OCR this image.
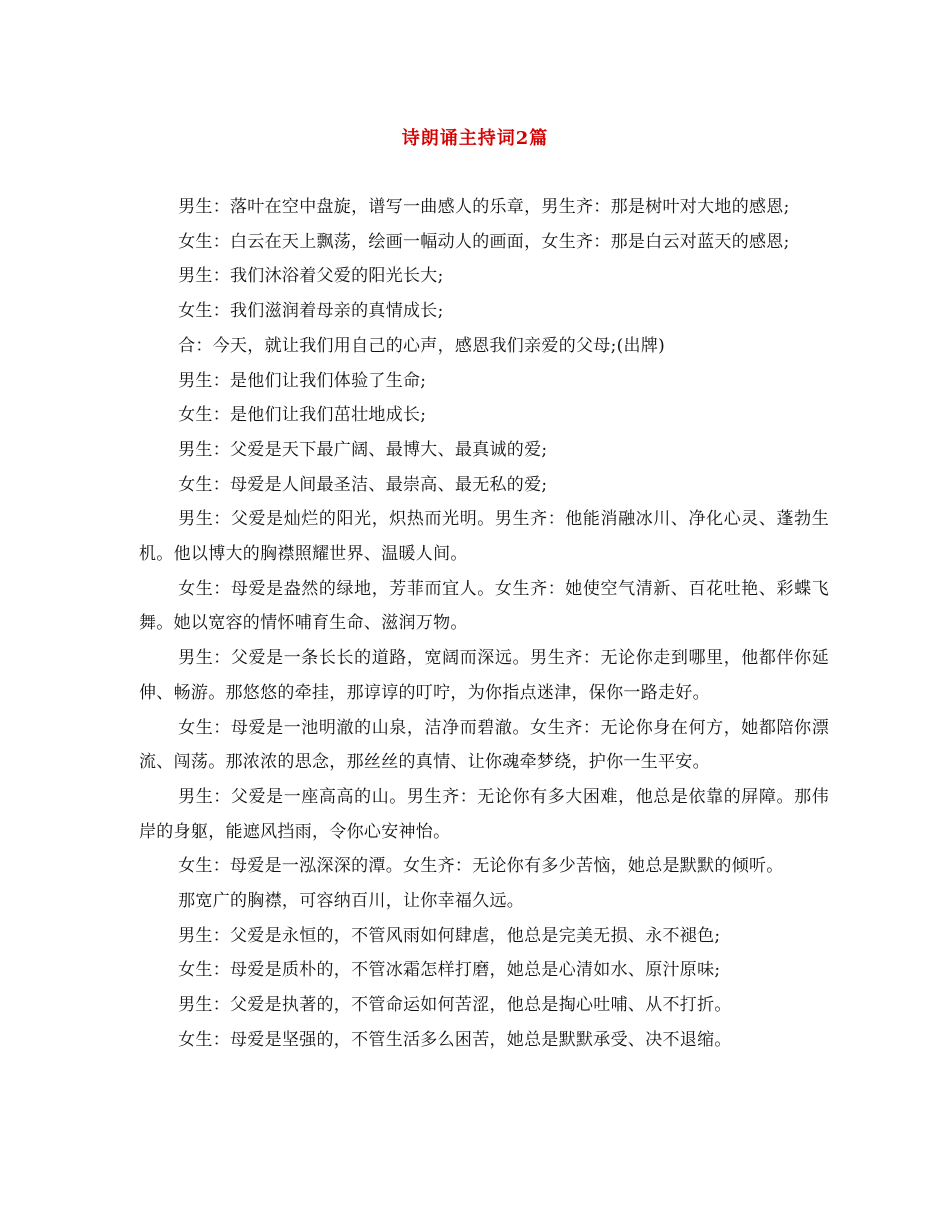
诗朗诵主持词2篇

男生：落叶在空中盘旋，谱写一曲感人的乐章，男生齐：那是树叶对大地的感恩;

女生：白云在天上飘荡，绘画一幅动人的画面，女生齐：那是白云对蓝天的感恩;

男生：我们沐浴着父爱的阳光长大;

女生：我们滋润着母亲的真情成长;

合：今天，就让我们用自己的心声，感恩我们亲爱的父母;(出牌)

男生：是他们让我们体验了生命;

女生：是他们让我们茁壮地成长;

男生：父爱是天下最广阔、最博大、最真诚的爱;

女生：母爱是人间最圣洁、最崇高、最无私的爱;

男生：父爱是灿烂的阳光，炽热而光明。男生齐：他能消融冰川、净化心灵、蓬勃生机。他以博大的胸襟照耀世界、温暖人间。

女生：母爱是盎然的绿地，芳菲而宜人。女生齐：她使空气清新、百花吐艳、彩蝶飞舞。她以宽容的情怀哺育生命、滋润万物。

男生：父爱是一条长长的道路，宽阔而深远。男生齐：无论你走到哪里，他都伴你延伸、畅游。那悠悠的牵挂，那谆谆的叮咛，为你指点迷津，保你一路走好。

女生：母爱是一池明澈的山泉，洁净而碧澈。女生齐：无论你身在何方，她都陪你漂流、闯荡。那浓浓的思念，那丝丝的真情、让你魂牵梦绕，护你一生平安。

男生：父爱是一座高高的山。男生齐：无论你有多大困难，他总是依靠的屏障。那伟岸的身躯，能遮风挡雨，令你心安神怡。

女生：母爱是一泓深深的潭。女生齐：无论你有多少苦恼，她总是默默的倾听。

那宽广的胸襟，可容纳百川，让你幸福久远。

男生：父爱是永恒的，不管风雨如何肆虐，他总是完美无损、永不褪色;

女生：母爱是质朴的，不管冰霜怎样打磨，她总是心清如水、原汁原味;

男生：父爱是执著的，不管命运如何苦涩，他总是掏心吐哺、从不打折。

女生：母爱是坚强的，不管生活多么困苦，她总是默默承受、决不退缩。
